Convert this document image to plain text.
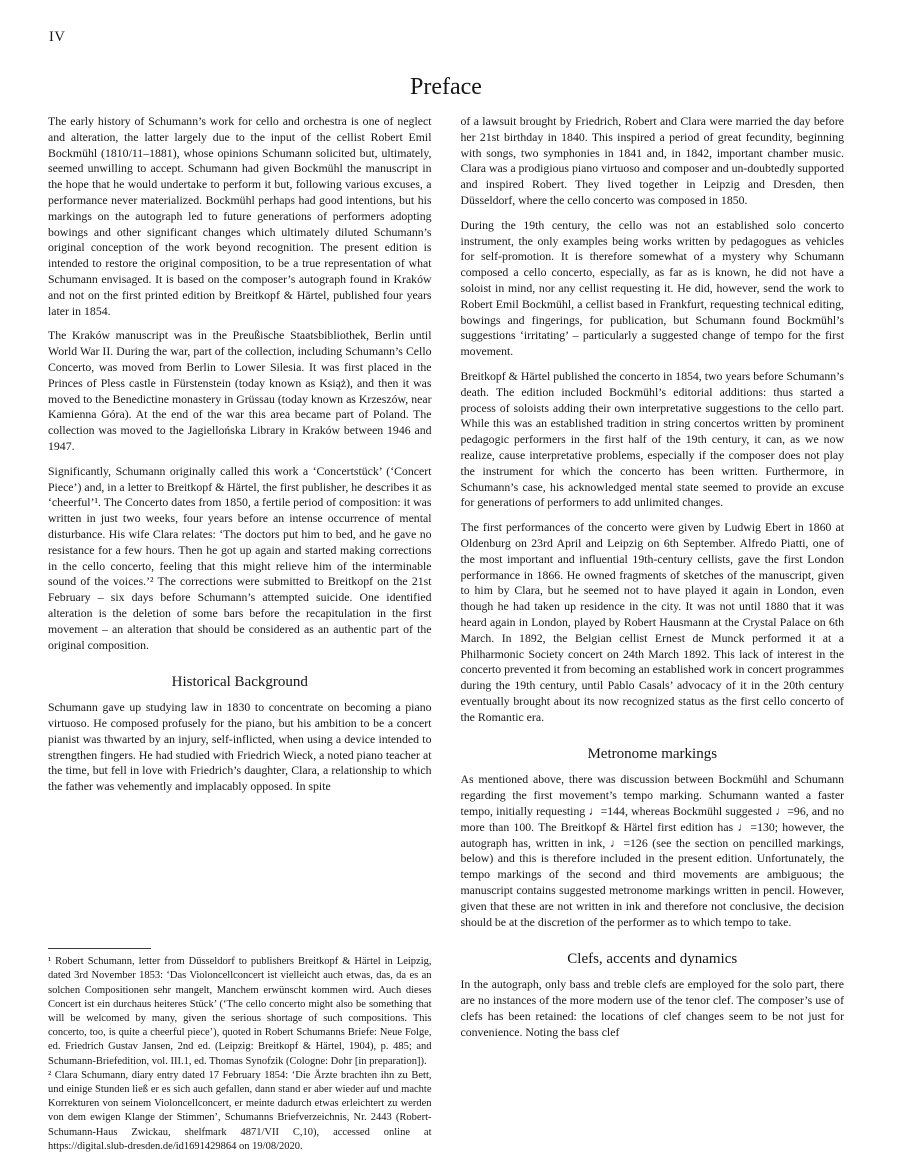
IV
Preface

The early history of Schumann’s work for cello and orchestra is one of neglect and alteration, the latter largely due to the input of the cellist Robert Emil Bockmühl (1810/11–1881), whose opinions Schumann solicited but, ultimately, seemed unwilling to accept. Schumann had given Bockmühl the manuscript in the hope that he would undertake to perform it but, following various excuses, a performance never materialized. Bockmühl perhaps had good intentions, but his markings on the autograph led to future generations of performers adopting bowings and other significant changes which ultimately diluted Schumann’s original conception of the work beyond recognition. The present edition is intended to restore the original composition, to be a true representation of what Schumann envisaged. It is based on the composer’s autograph found in Kraków and not on the first printed edition by Breitkopf & Härtel, published four years later in 1854.

The Kraków manuscript was in the Preußische Staatsbibliothek, Berlin until World War II. During the war, part of the collection, including Schumann’s Cello Concerto, was moved from Berlin to Lower Silesia. It was first placed in the Princes of Pless castle in Fürstenstein (today known as Książ), and then it was moved to the Benedictine monastery in Grüssau (today known as Krzeszów, near Kamienna Góra). At the end of the war this area became part of Poland. The collection was moved to the Jagiellońska Library in Kraków between 1946 and 1947.

Significantly, Schumann originally called this work a ‘Concertstück’ (‘Concert Piece’) and, in a letter to Breitkopf & Härtel, the first publisher, he describes it as ‘cheerful’¹. The Concerto dates from 1850, a fertile period of composition: it was written in just two weeks, four years before an intense occurrence of mental disturbance. His wife Clara relates: ‘The doctors put him to bed, and he gave no resistance for a few hours. Then he got up again and started making corrections in the cello concerto, feeling that this might relieve him of the interminable sound of the voices.’² The corrections were submitted to Breitkopf on the 21st February – six days before Schumann’s attempted suicide. One identified alteration is the deletion of some bars before the recapitulation in the first movement – an alteration that should be considered as an authentic part of the original composition.

Historical Background

Schumann gave up studying law in 1830 to concentrate on becoming a piano virtuoso. He composed profusely for the piano, but his ambition to be a concert pianist was thwarted by an injury, self-inflicted, when using a device intended to strengthen fingers. He had studied with Friedrich Wieck, a noted piano teacher at the time, but fell in love with Friedrich’s daughter, Clara, a relationship to which the father was vehemently and implacably opposed. In spite

¹ Robert Schumann, letter from Düsseldorf to publishers Breitkopf & Härtel in Leipzig, dated 3rd November 1853: ‘Das Violoncellconcert ist vielleicht auch etwas, das, da es an solchen Compositionen sehr mangelt, Manchem erwünscht kommen wird. Auch dieses Concert ist ein durchaus heiteres Stück’ (‘The cello concerto might also be something that will be welcomed by many, given the serious shortage of such compositions. This concerto, too, is quite a cheerful piece’), quoted in Robert Schumanns Briefe: Neue Folge, ed. Friedrich Gustav Jansen, 2nd ed. (Leipzig: Breitkopf & Härtel, 1904), p. 485; and Schumann-Briefedition, vol. III.1, ed. Thomas Synofzik (Cologne: Dohr [in preparation]).

² Clara Schumann, diary entry dated 17 February 1854: ‘Die Ärzte brachten ihn zu Bett, und einige Stunden ließ er es sich auch gefallen, dann stand er aber wieder auf und machte Korrekturen von seinem Violoncellconcert, er meinte dadurch etwas erleichtert zu werden von dem ewigen Klange der Stimmen’, Schumanns Briefverzeichnis, Nr. 2443 (Robert-Schumann-Haus Zwickau, shelfmark 4871/VII C,10), accessed online at https://digital.slub-dresden.de/id1691429864 on 19/08/2020.

of a lawsuit brought by Friedrich, Robert and Clara were married the day before her 21st birthday in 1840. This inspired a period of great fecundity, beginning with songs, two symphonies in 1841 and, in 1842, important chamber music. Clara was a prodigious piano virtuoso and composer and un-doubtedly supported and inspired Robert. They lived together in Leipzig and Dresden, then Düsseldorf, where the cello concerto was composed in 1850.

During the 19th century, the cello was not an established solo concerto instrument, the only examples being works written by pedagogues as vehicles for self-promotion. It is therefore somewhat of a mystery why Schumann composed a cello concerto, especially, as far as is known, he did not have a soloist in mind, nor any cellist requesting it. He did, however, send the work to Robert Emil Bockmühl, a cellist based in Frankfurt, requesting technical editing, bowings and fingerings, for publication, but Schumann found Bockmühl’s suggestions ‘irritating’ – particularly a suggested change of tempo for the first movement.

Breitkopf & Härtel published the concerto in 1854, two years before Schumann’s death. The edition included Bockmühl’s editorial additions: thus started a process of soloists adding their own interpretative suggestions to the cello part. While this was an established tradition in string concertos written by prominent pedagogic performers in the first half of the 19th century, it can, as we now realize, cause interpretative problems, especially if the composer does not play the instrument for which the concerto has been written. Furthermore, in Schumann’s case, his acknowledged mental state seemed to provide an excuse for generations of performers to add unlimited changes.

The first performances of the concerto were given by Ludwig Ebert in 1860 at Oldenburg on 23rd April and Leipzig on 6th September. Alfredo Piatti, one of the most important and influential 19th-century cellists, gave the first London performance in 1866. He owned fragments of sketches of the manuscript, given to him by Clara, but he seemed not to have played it again in London, even though he had taken up residence in the city. It was not until 1880 that it was heard again in London, played by Robert Hausmann at the Crystal Palace on 6th March. In 1892, the Belgian cellist Ernest de Munck performed it at a Philharmonic Society concert on 24th March 1892. This lack of interest in the concerto prevented it from becoming an established work in concert programmes during the 19th century, until Pablo Casals’ advocacy of it in the 20th century eventually brought about its now recognized status as the first cello concerto of the Romantic era.

Metronome markings

As mentioned above, there was discussion between Bockmühl and Schumann regarding the first movement’s tempo marking. Schumann wanted a faster tempo, initially requesting ♩=144, whereas Bockmühl suggested ♩=96, and no more than 100. The Breitkopf & Härtel first edition has ♩=130; however, the autograph has, written in ink, ♩=126 (see the section on pencilled markings, below) and this is therefore included in the present edition. Unfortunately, the tempo markings of the second and third movements are ambiguous; the manuscript contains suggested metronome markings written in pencil. However, given that these are not written in ink and therefore not conclusive, the decision should be at the discretion of the performer as to which tempo to take.

Clefs, accents and dynamics

In the autograph, only bass and treble clefs are employed for the solo part, there are no instances of the more modern use of the tenor clef. The composer’s use of clefs has been retained: the locations of clef changes seem to be not just for convenience. Noting the bass clef
